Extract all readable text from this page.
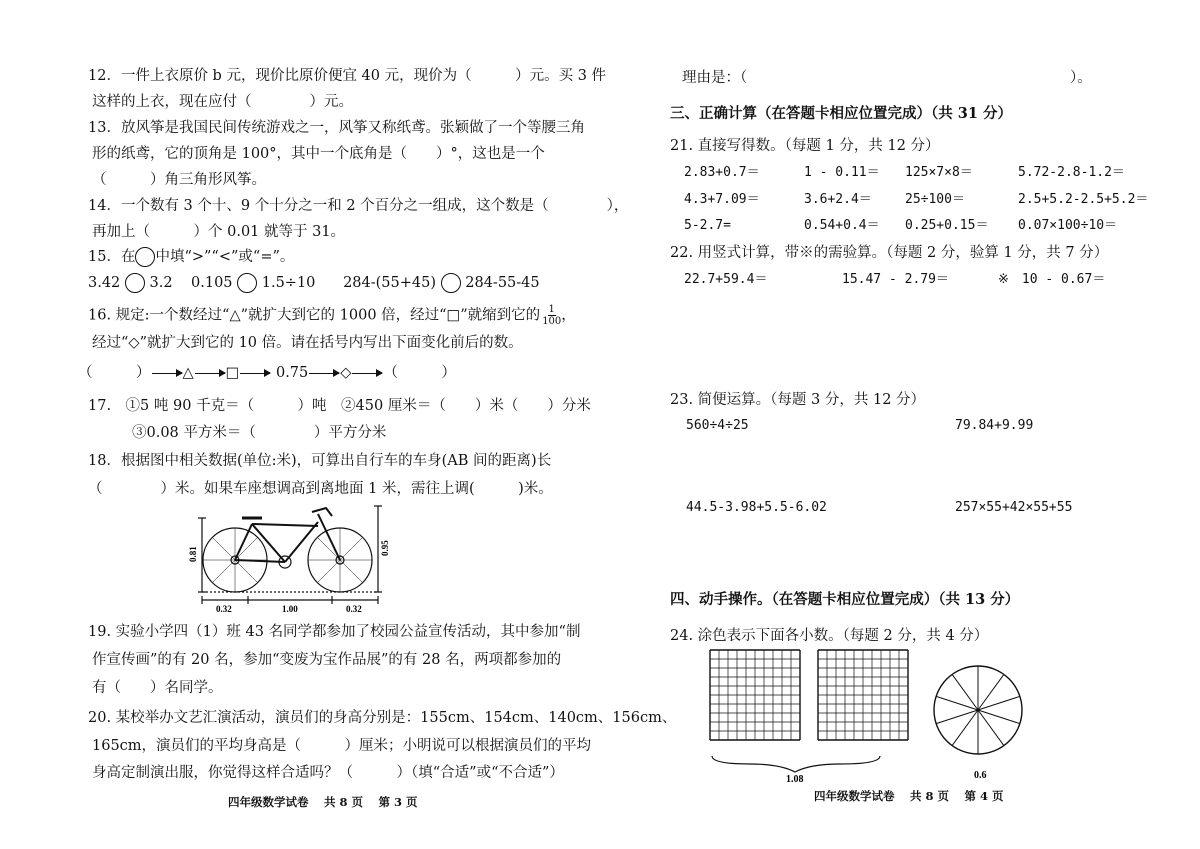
12．一件上衣原价 b 元，现价比原价便宜 40 元，现价为（　　　）元。买 3 件
这样的上衣，现在应付（　　　　）元。
13．放风筝是我国民间传统游戏之一，风筝又称纸鸢。张颖做了一个等腰三角
形的纸鸢，它的顶角是 100°，其中一个底角是（　　）°，这也是一个
（　　　）角三角形风筝。
14．一个数有 3 个十、9 个十分之一和 2 个百分之一组成，这个数是（　　　　），
再加上（　　　）个 0.01 就等于 31。
15．在 中填“>”“<”或“=”。
3.42 3.2 0.105 1.5÷10 284-(55+45) 284-55-45
16. 规定:一个数经过“△”就扩大到它的 1000 倍，经过“□”就缩到它的 $\frac{1}{100}$ ，
经过“◇”就扩大到它的 10 倍。请在括号内写出下面变化前后的数。
（　　　） △ □	0.75 ◇ （　　　）
17.　①5 吨 90 千克＝（　　　）吨　②450 厘米＝（　　）米（　　）分米
③0.08 平方米＝（　　　　）平方分米
18．根据图中相关数据(单位:米)，可算出自行车的车身(AB 间的距离)长
（　　　　）米。如果车座想调高到离地面 1 米，需往上调(　　　)米。
0.81	0.95
0.32	1.00	0.32
19. 实验小学四（1）班 43 名同学都参加了校园公益宣传活动，其中参加“制
作宣传画”的有 20 名，参加“变废为宝作品展”的有 28 名，两项都参加的
有（　　）名同学。
20. 某校举办文艺汇演活动，演员们的身高分别是：155cm、154cm、140cm、156cm、
165cm，演员们的平均身高是（　　　）厘米；小明说可以根据演员们的平均
身高定制演出服，你觉得这样合适吗？（　　　）（填“合适”或“不合适”）
四年级数学试卷　 共 8 页　 第 3 页
理由是：（	）。
三、正确计算（在答题卡相应位置完成）（共 31 分）
21. 直接写得数。（每题 1 分，共 12 分）
2.83+0.7＝	1 - 0.11＝ 125×7×8＝	5.72-2.8-1.2＝
4.3+7.09＝	3.6+2.4＝	25÷100＝	2.5+5.2-2.5+5.2＝
5-2.7=	0.54+0.4＝ 0.25+0.15＝ 0.07×100÷10＝
22. 用竖式计算，带※的需验算。（每题 2 分，验算 1 分，共 7 分）
22.7+59.4＝	15.47 - 2.79＝	※　10 - 0.67＝
23. 简便运算。（每题 3 分，共 12 分）
560÷4÷25	79.84+9.99
44.5-3.98+5.5-6.02	257×55+42×55+55
四、动手操作。（在答题卡相应位置完成）（共 13 分）
24. 涂色表示下面各小数。（每题 2 分，共 4 分）
1.08	0.6
四年级数学试卷　 共 8 页　 第 4 页
